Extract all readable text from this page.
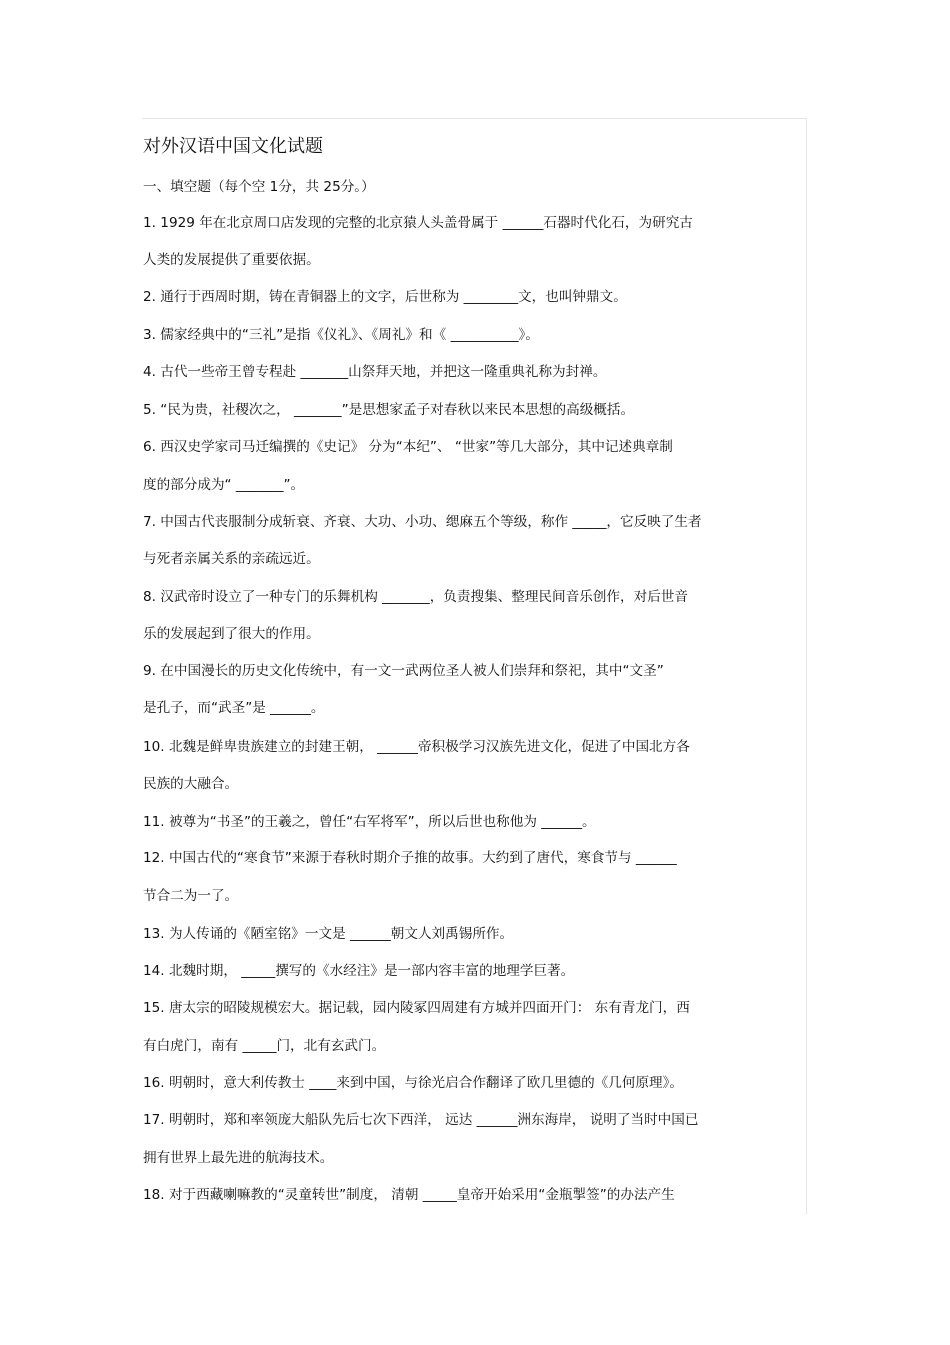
对外汉语中国文化试题
一、填空题（每个空 1分，共 25分。）
1. 1929 年在北京周口店发现的完整的北京猿人头盖骨属于 ______石器时代化石，为研究古
人类的发展提供了重要依据。
2. 通行于西周时期，铸在青铜器上的文字，后世称为 ________文，也叫钟鼎文。
3. 儒家经典中的“三礼”是指《仪礼》、《周礼》和《 __________》。
4. 古代一些帝王曾专程赴 _______山祭拜天地，并把这一隆重典礼称为封禅。
5. “民为贵，社稷次之， _______”是思想家孟子对春秋以来民本思想的高级概括。
6. 西汉史学家司马迁编撰的《史记》 分为“本纪”、 “世家”等几大部分，其中记述典章制
度的部分成为“ _______”。
7. 中国古代丧服制分成斩衰、齐衰、大功、小功、缌麻五个等级，称作 _____，它反映了生者
与死者亲属关系的亲疏远近。
8. 汉武帝时设立了一种专门的乐舞机构 _______，负责搜集、整理民间音乐创作，对后世音
乐的发展起到了很大的作用。
9. 在中国漫长的历史文化传统中，有一文一武两位圣人被人们崇拜和祭祀，其中“文圣”
是孔子，而“武圣”是 ______。
10. 北魏是鲜卑贵族建立的封建王朝， ______帝积极学习汉族先进文化，促进了中国北方各
民族的大融合。
11. 被尊为“书圣”的王羲之，曾任“右军将军”，所以后世也称他为 ______。
12. 中国古代的“寒食节”来源于春秋时期介子推的故事。大约到了唐代，寒食节与 ______
节合二为一了。
13. 为人传诵的《陋室铭》一文是 ______朝文人刘禹锡所作。
14. 北魏时期， _____撰写的《水经注》是一部内容丰富的地理学巨著。
15. 唐太宗的昭陵规模宏大。据记载，园内陵冢四周建有方城并四面开门： 东有青龙门，西
有白虎门，南有 _____门，北有玄武门。
16. 明朝时，意大利传教士 ____来到中国，与徐光启合作翻译了欧几里德的《几何原理》。
17. 明朝时，郑和率领庞大船队先后七次下西洋， 远达 ______洲东海岸， 说明了当时中国已
拥有世界上最先进的航海技术。
18. 对于西藏喇嘛教的“灵童转世”制度， 清朝 _____皇帝开始采用“金瓶掣签”的办法产生
